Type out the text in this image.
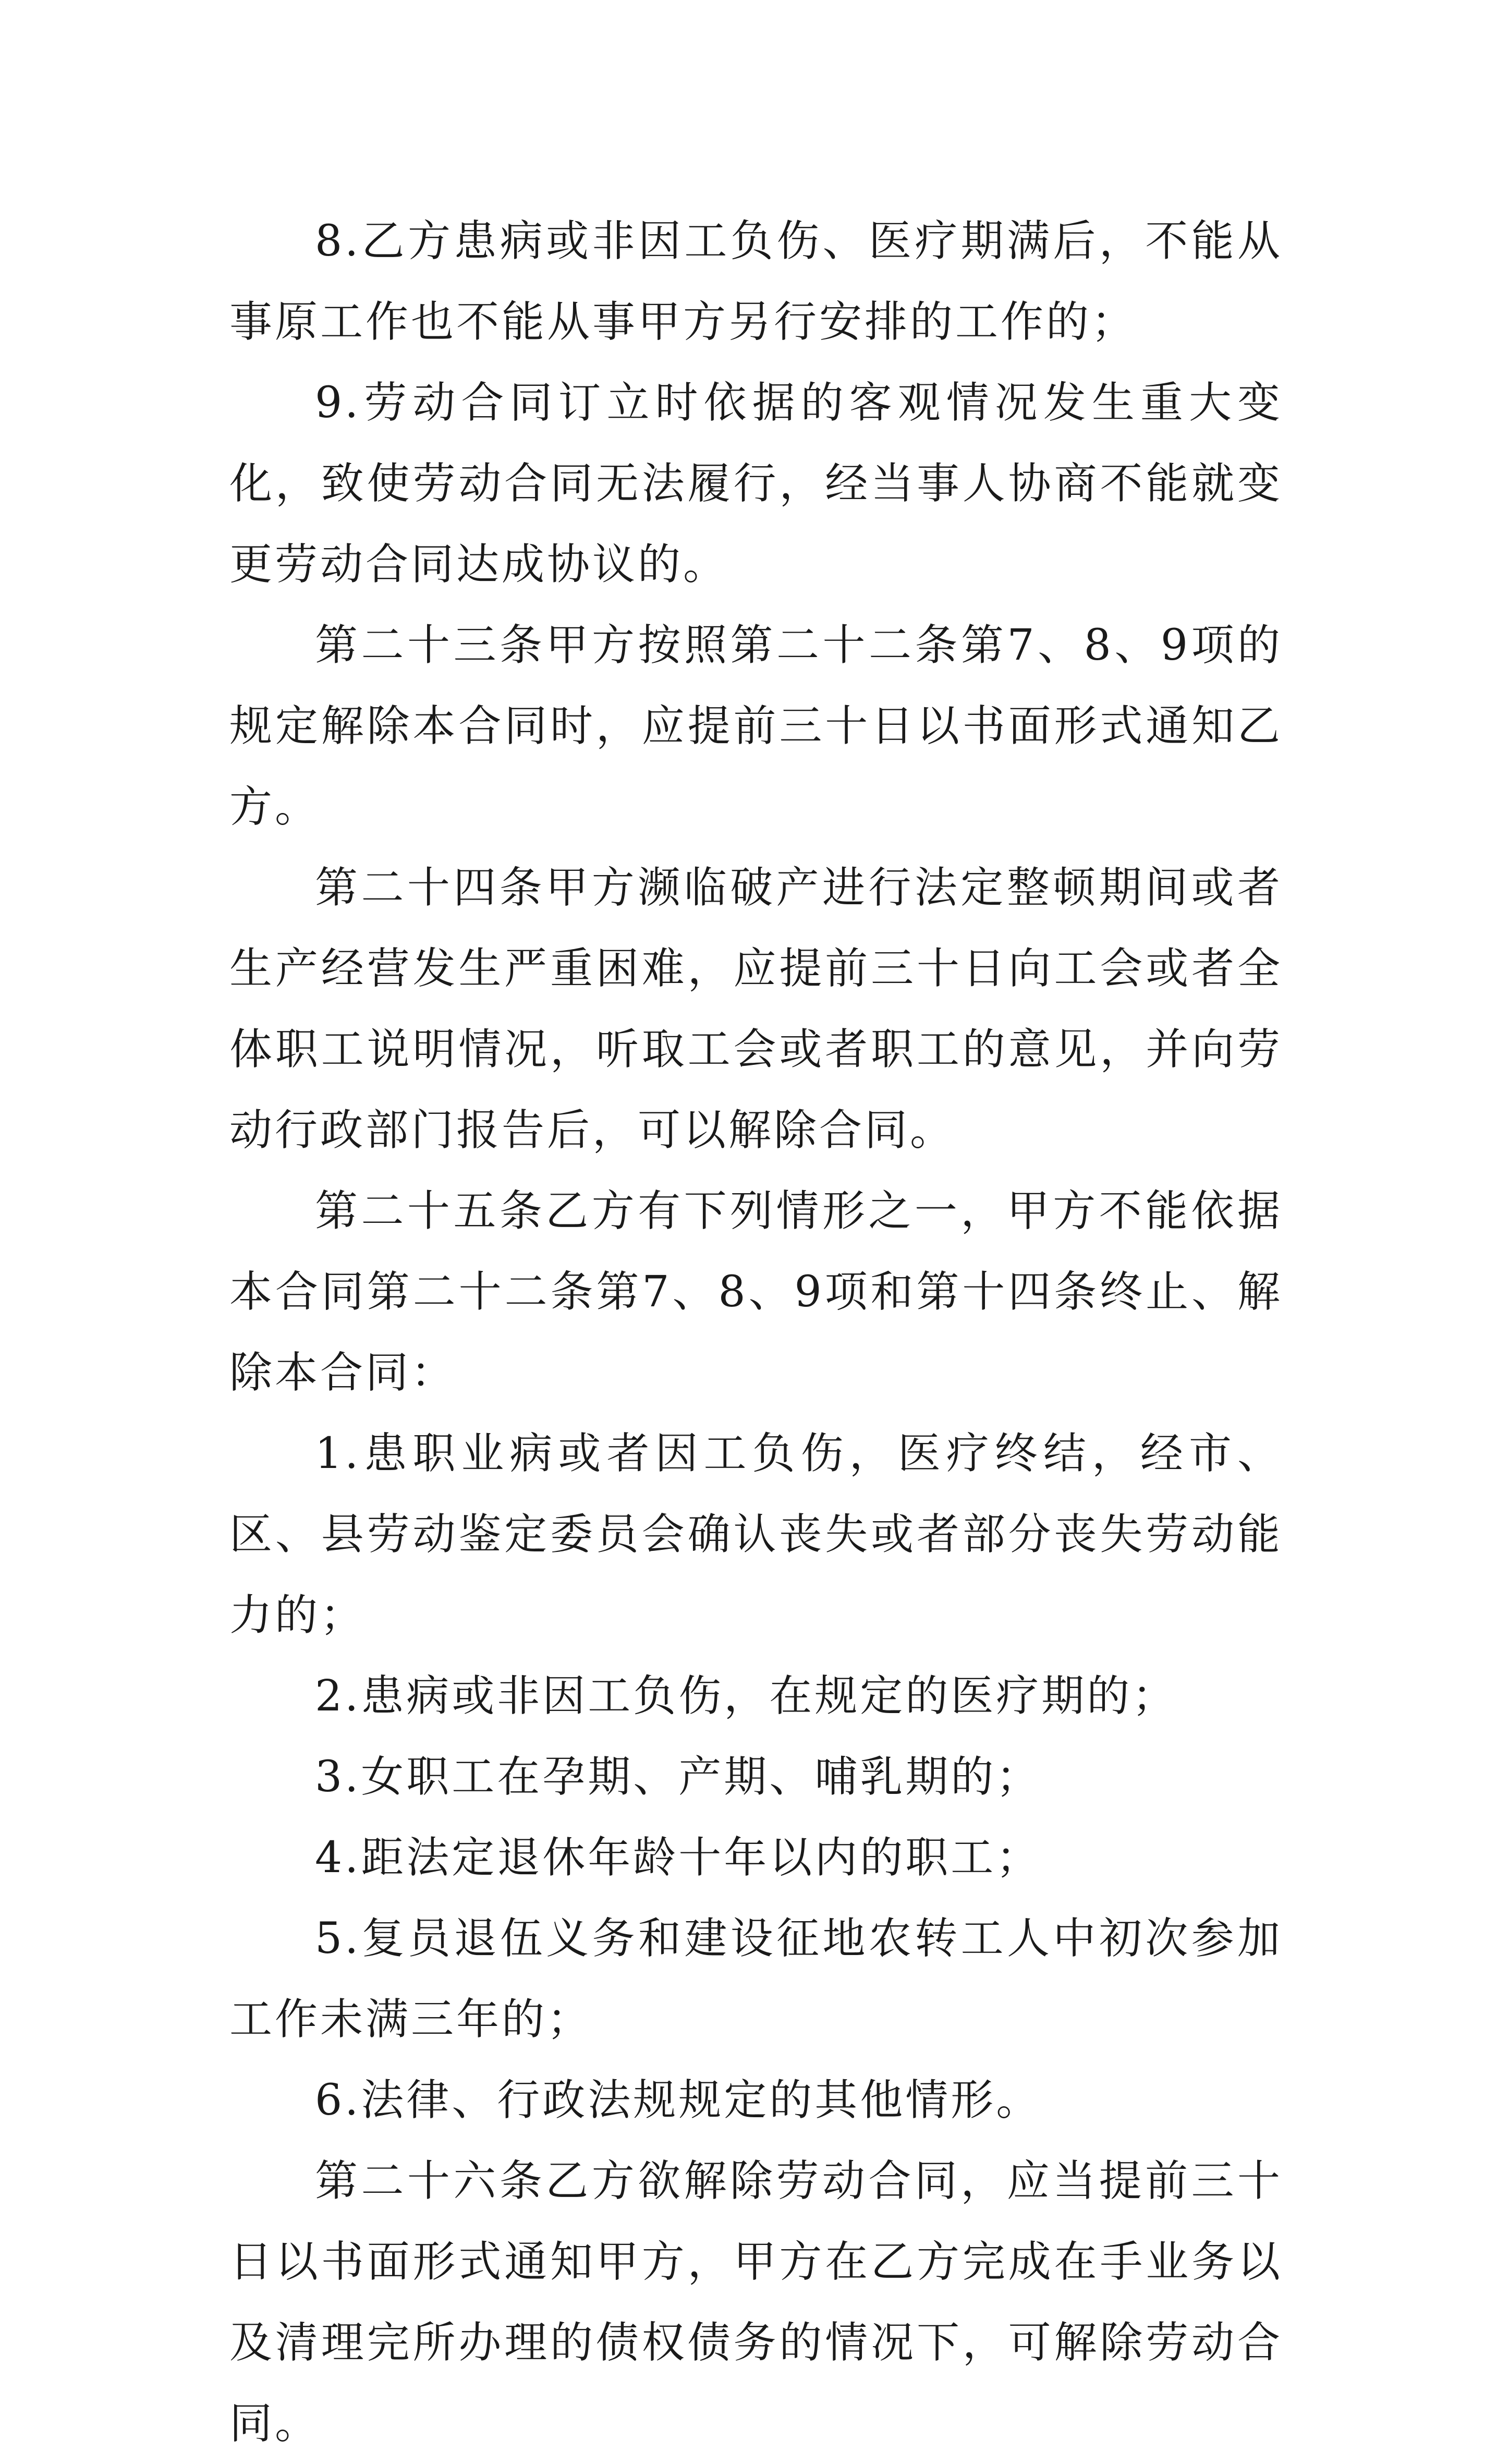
8.乙方患病或非因工负伤、医疗期满后，不能从事原工作也不能从事甲方另行安排的工作的；

9.劳动合同订立时依据的客观情况发生重大变化，致使劳动合同无法履行，经当事人协商不能就变更劳动合同达成协议的。

第二十三条甲方按照第二十二条第7、8、9项的规定解除本合同时，应提前三十日以书面形式通知乙方。

第二十四条甲方濒临破产进行法定整顿期间或者生产经营发生严重困难，应提前三十日向工会或者全体职工说明情况，听取工会或者职工的意见，并向劳动行政部门报告后，可以解除合同。

第二十五条乙方有下列情形之一，甲方不能依据本合同第二十二条第7、8、9项和第十四条终止、解除本合同：

1.患职业病或者因工负伤，医疗终结，经市、区、县劳动鉴定委员会确认丧失或者部分丧失劳动能力的；

2.患病或非因工负伤，在规定的医疗期的；

3.女职工在孕期、产期、哺乳期的；

4.距法定退休年龄十年以内的职工；

5.复员退伍义务和建设征地农转工人中初次参加工作未满三年的；

6.法律、行政法规规定的其他情形。

第二十六条乙方欲解除劳动合同，应当提前三十日以书面形式通知甲方，甲方在乙方完成在手业务以及清理完所办理的债权债务的情况下，可解除劳动合同。
